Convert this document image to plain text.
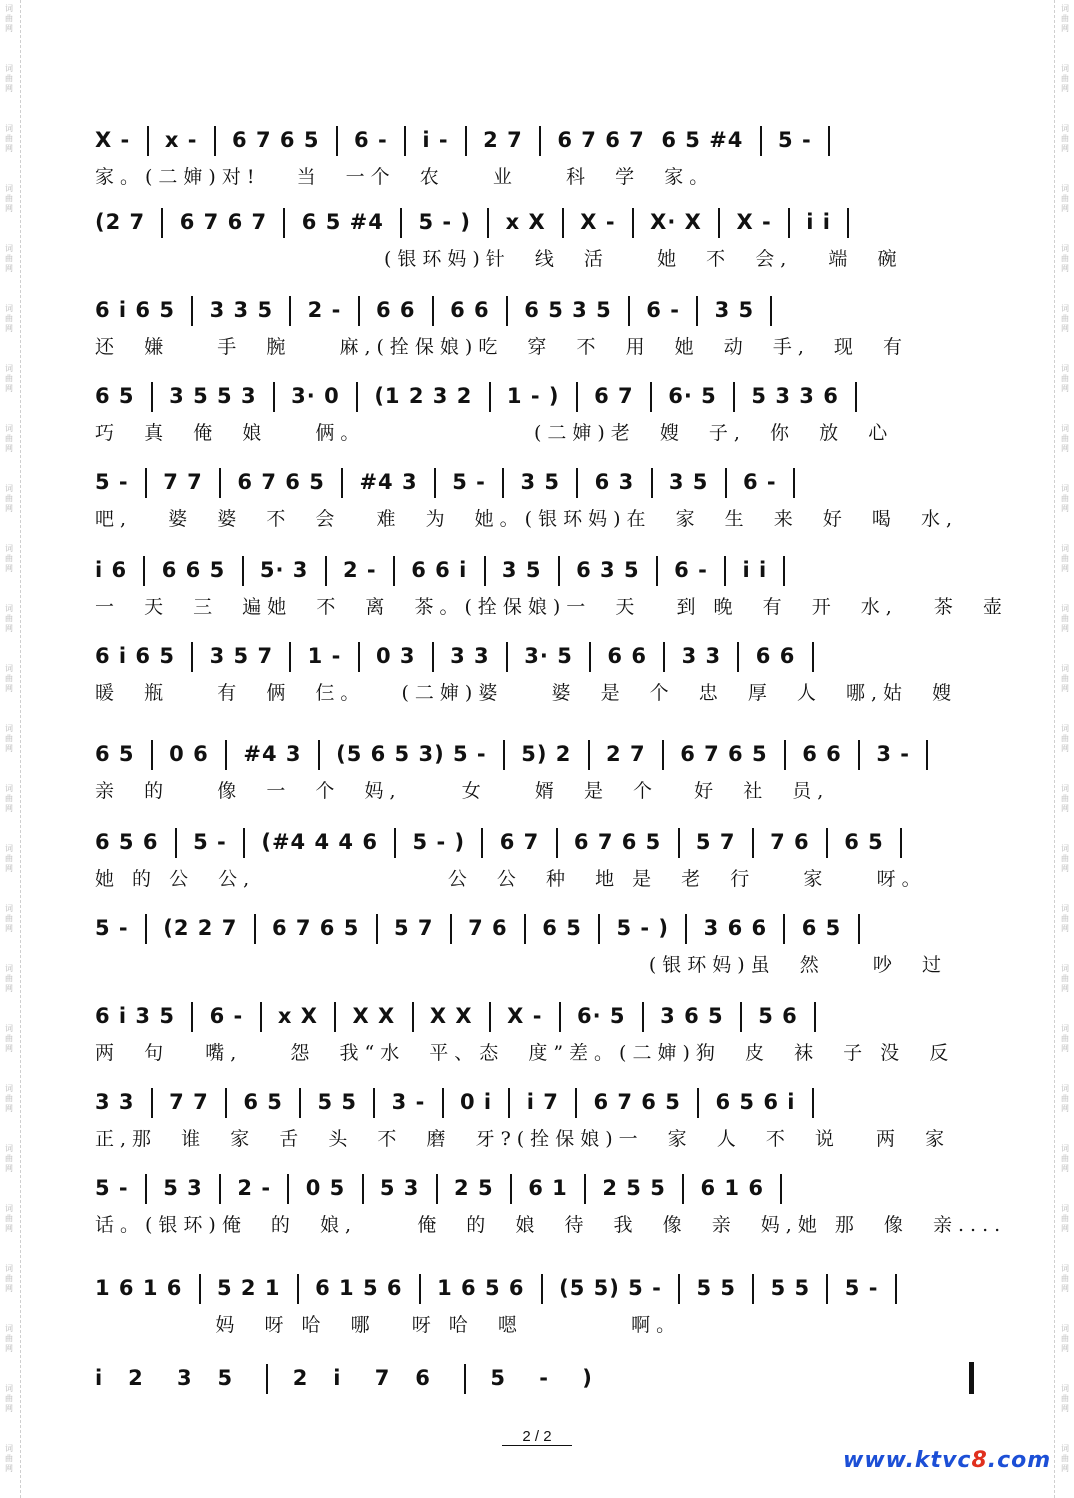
词
曲
网
词
曲
网
词
曲
网
词
曲
网
词
曲
网
词
曲
网
词
曲
网
词
曲
网
词
曲
网
词
曲
网
词
曲
网
词
曲
网
词
曲
网
词
曲
网
词
曲
网
词
曲
网
词
曲
网
词
曲
网
词
曲
网
词
曲
网
词
曲
网
词
曲
网
词
曲
网
词
曲
网
词
曲
网
词
曲
网
词
曲
网
词
曲
网
词
曲
网
词
曲
网
词
曲
网
词
曲
网
词
曲
网
词
曲
网
词
曲
网
词
曲
网
词
曲
网
词
曲
网
词
曲
网
词
曲
网
词
曲
网
词
曲
网
词
曲
网
词
曲
网
词
曲
网
词
曲
网
词
曲
网
词
曲
网
词
曲
网
词
曲
网
X -  x -  6 7 6 5  6 -  i -  2 7  6 7 6 7  6 5 #4  5 -
家。(二婶)对!   当  一个  农    业    科  学  家。
(2 7  6 7 6 7  6 5 #4  5 - )  x X  X -  X· X  X -  i i
(银环妈)针  线  活    她  不  会,   端  碗
6 i 6 5  3 3 5  2 -  6 6  6 6  6 5 3 5  6 -  3 5
还  嫌    手  腕    麻,(拴保娘)吃  穿  不  用  她  动  手,  现  有
6 5  3 5 5 3  3· 0  (1 2 3 2  1 - )  6 7  6· 5  5 3 3 6
巧  真  俺  娘    俩。              (二婶)老  嫂  子,  你  放  心
5 -  7 7  6 7 6 5  #4 3  5 -  3 5  6 3  3 5  6 -
吧,   婆  婆  不  会   难  为  她。(银环妈)在  家  生  来  好  喝  水,
i 6  6 6 5  5· 3  2 -  6 6 i  3 5  6 3 5  6 -  i i
一  天  三  遍她  不  离  茶。(拴保娘)一  天   到 晚  有  开  水,   茶  壶
6 i 6 5  3 5 7  1 -  0 3  3 3  3· 5  6 6  3 3  6 6
暖  瓶    有  俩  仨。   (二婶)婆    婆  是  个  忠  厚  人  哪,姑  嫂
6 5  0 6  #4 3  (5 6 5 3) 5 -  5) 2  2 7  6 7 6 5  6 6  3 -
亲  的    像  一  个  妈,     女    婿  是  个   好  社  员,
6 5 6  5 -  (#4 4 4 6  5 - )  6 7  6 7 6 5  5 7  7 6  6 5
她 的 公  公,                公  公  种  地 是  老  行    家    呀。
5 -  (2 2 7  6 7 6 5  5 7  7 6  6 5  5 - )  3 6 6  6 5
(银环妈)虽  然    吵  过
6 i 3 5  6 -  x X  X X  X X  X -  6· 5  3 6 5  5 6
两  句   嘴,    怨  我“水  平、态  度”差。(二婶)狗  皮  袜  子 没  反
3 3  7 7  6 5  5 5  3 -  0 i  i 7  6 7 6 5  6 5 6 i
正,那  谁  家  舌  头  不  磨  牙?(拴保娘)一  家  人  不  说   两  家
5 -  5 3  2 -  0 5  5 3  2 5  6 1  2 5 5  6 1 6
话。(银环)俺  的  娘,     俺  的  娘  待  我  像  亲  妈,她 那  像  亲....
1 6 1 6  5 2 1  6 1 5 6  1 6 5 6  (5 5) 5 -  5 5  5 5  5 -
妈  呀 哈  哪   呀 哈  嗯         啊。
i   2    3   5     2   i    7   6     5    -    )
2 / 2
www.ktvc8.com
